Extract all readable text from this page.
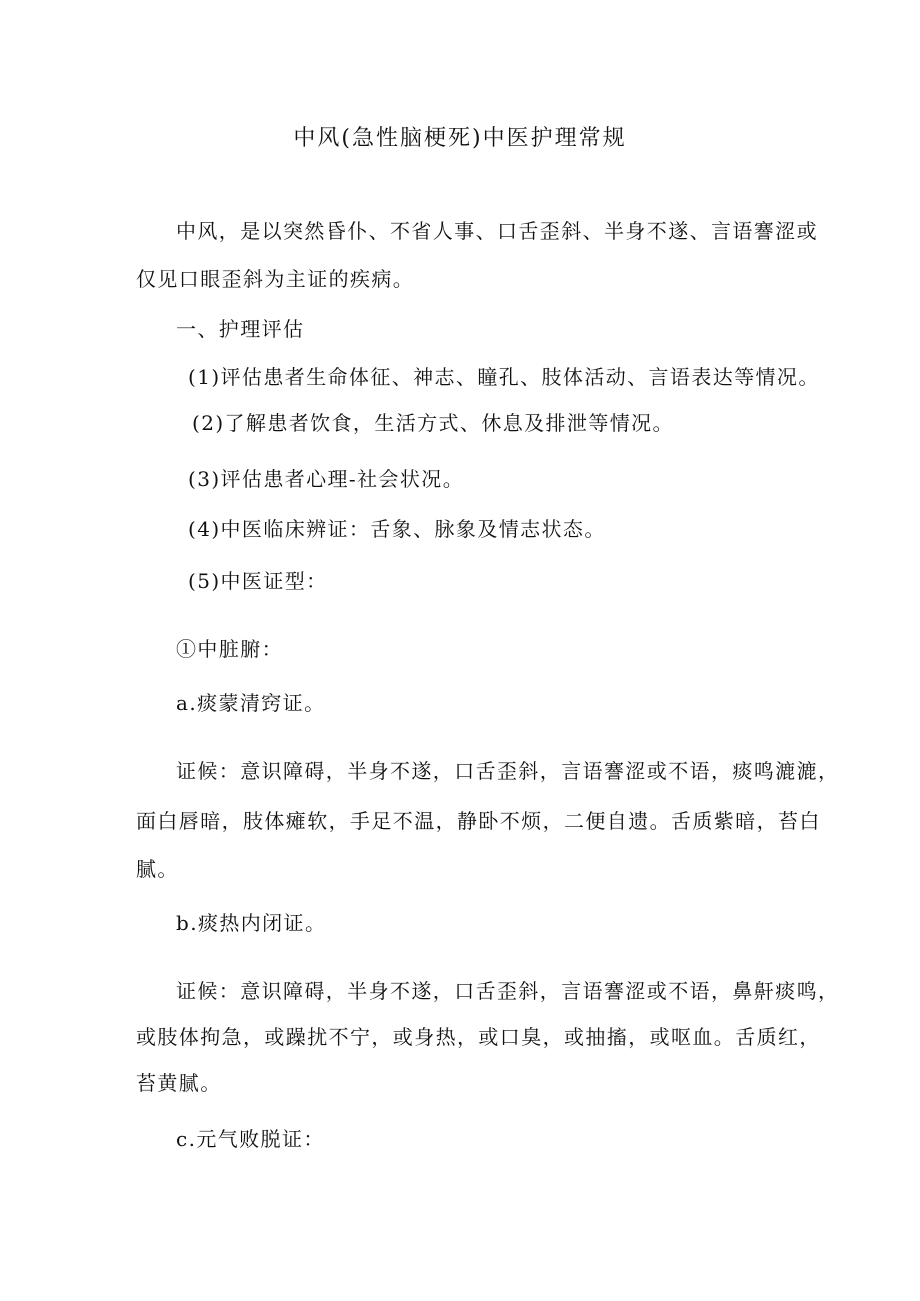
中风(急性脑梗死)中医护理常规
中风，是以突然昏仆、不省人事、口舌歪斜、半身不遂、言语謇涩或
仅见口眼歪斜为主证的疾病。
一、护理评估
(1)评估患者生命体征、神志、瞳孔、肢体活动、言语表达等情况。
(2)了解患者饮食，生活方式、休息及排泄等情况。
(3)评估患者心理-社会状况。
(4)中医临床辨证：舌象、脉象及情志状态。
(5)中医证型：
①中脏腑：
a.痰蒙清窍证。
证候：意识障碍，半身不遂，口舌歪斜，言语謇涩或不语，痰鸣漉漉，
面白唇暗，肢体瘫软，手足不温，静卧不烦，二便自遗。舌质紫暗，苔白
腻。
b.痰热内闭证。
证候：意识障碍，半身不遂，口舌歪斜，言语謇涩或不语，鼻鼾痰鸣，
或肢体拘急，或躁扰不宁，或身热，或口臭，或抽搐，或呕血。舌质红，
苔黄腻。
c.元气败脱证：
